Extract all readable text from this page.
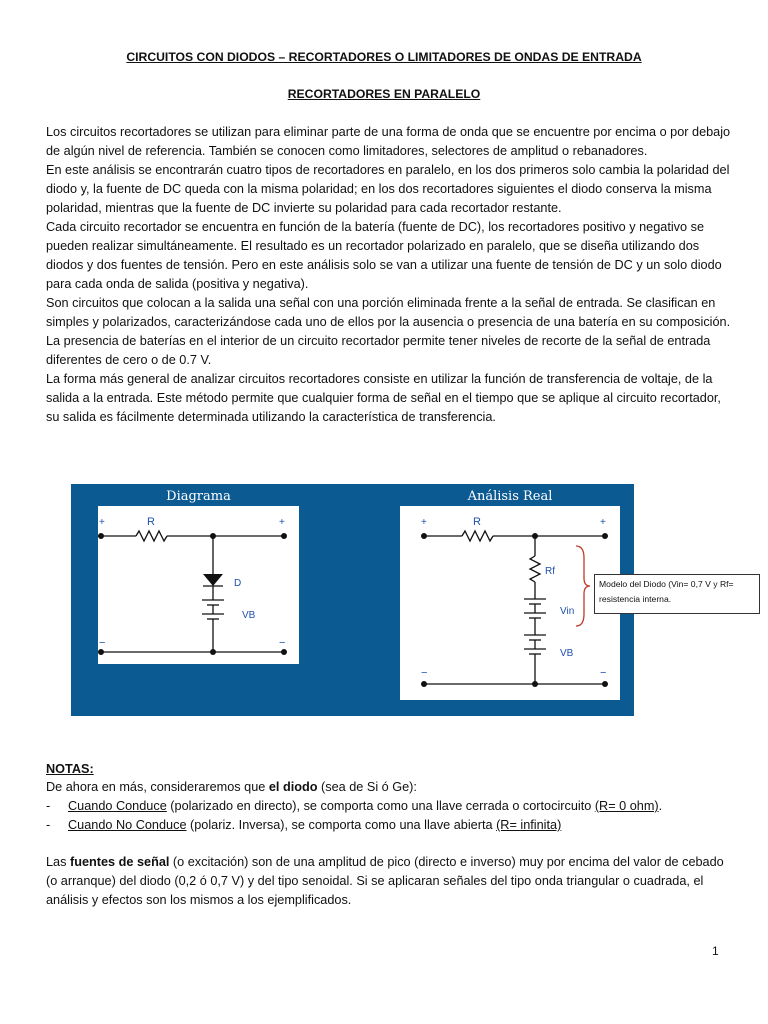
CIRCUITOS CON DIODOS – RECORTADORES O LIMITADORES DE ONDAS DE ENTRADA
RECORTADORES EN PARALELO

Los circuitos recortadores se utilizan para eliminar parte de una forma de onda que se encuentre por encima o por debajo de algún nivel de referencia. También se conocen como limitadores, selectores de amplitud o rebanadores.

En este análisis se encontrarán cuatro tipos de recortadores en paralelo, en los dos primeros solo cambia la polaridad del diodo y, la fuente de DC queda con la misma polaridad; en los dos recortadores siguientes el diodo conserva la misma polaridad, mientras que la fuente de DC invierte su polaridad para cada recortador restante.

Cada circuito recortador se encuentra en función de la batería (fuente de DC), los recortadores positivo y negativo se pueden realizar simultáneamente. El resultado es un recortador polarizado en paralelo, que se diseña utilizando dos diodos y dos fuentes de tensión. Pero en este análisis solo se van a utilizar una fuente de tensión de DC y un solo diodo para cada onda de salida (positiva y negativa).

Son circuitos que colocan a la salida una señal con una porción eliminada frente a la señal de entrada. Se clasifican en simples y polarizados, caracterizándose cada uno de ellos por la ausencia o presencia de una batería en su composición. La presencia de baterías en el interior de un circuito recortador permite tener niveles de recorte de la señal de entrada diferentes de cero o de 0.7 V.

La forma más general de analizar circuitos recortadores consiste en utilizar la función de transferencia de voltaje, de la salida a la entrada. Este método permite que cualquier forma de señal en el tiempo que se aplique al circuito recortador, su salida es fácilmente determinada utilizando la característica de transferencia.

Diagrama	Análisis Real
+	+
−	−
R
D
VB
+	+
−	−
R
Rf
Vin
VB
Modelo del Diodo (Vin= 0,7 V y Rf= resistencia interna.
NOTAS:

De ahora en más, consideraremos que el diodo (sea de Si ó Ge):

- Cuando Conduce (polarizado en directo), se comporta como una llave cerrada o cortocircuito (R= 0 ohm).

- Cuando No Conduce (polariz. Inversa), se comporta como una llave abierta (R= infinita)

Las fuentes de señal (o excitación) son de una amplitud de pico (directo e inverso) muy por encima del valor de cebado (o arranque) del diodo (0,2 ó 0,7 V) y del tipo senoidal. Si se aplicaran señales del tipo onda triangular o cuadrada, el análisis y efectos son los mismos a los ejemplificados.
1
